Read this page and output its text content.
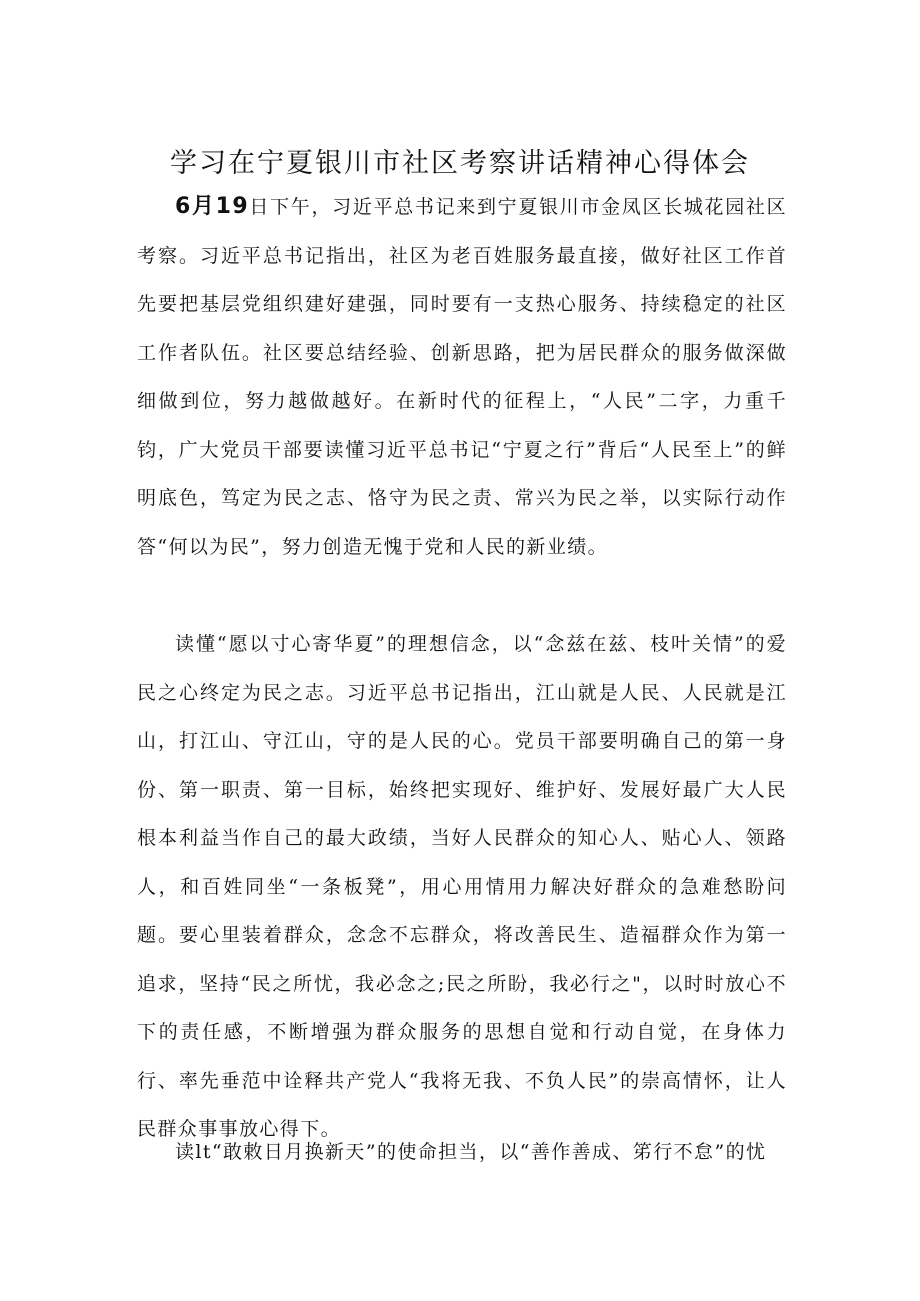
学习在宁夏银川市社区考察讲话精神心得体会

6月19日下午，习近平总书记来到宁夏银川市金凤区长城花园社区考察。习近平总书记指出，社区为老百姓服务最直接，做好社区工作首先要把基层党组织建好建强，同时要有一支热心服务、持续稳定的社区工作者队伍。社区要总结经验、创新思路，把为居民群众的服务做深做细做到位，努力越做越好。在新时代的征程上，“人民”二字，力重千钧，广大党员干部要读懂习近平总书记“宁夏之行”背后“人民至上”的鲜明底色，笃定为民之志、恪守为民之责、常兴为民之举，以实际行动作答“何以为民”，努力创造无愧于党和人民的新业绩。

读懂“愿以寸心寄华夏”的理想信念，以“念兹在兹、枝叶关情”的爱民之心终定为民之志。习近平总书记指出，江山就是人民、人民就是江山，打江山、守江山，守的是人民的心。党员干部要明确自己的第一身份、第一职责、第一目标，始终把实现好、维护好、发展好最广大人民根本利益当作自己的最大政绩，当好人民群众的知心人、贴心人、领路人，和百姓同坐“一条板凳”，用心用情用力解决好群众的急难愁盼问题。要心里装着群众，念念不忘群众，将改善民生、造福群众作为第一追求，坚持“民之所忧，我必念之;民之所盼，我必行之"，以时时放心不下的责任感，不断增强为群众服务的思想自觉和行动自觉，在身体力行、率先垂范中诠释共产党人“我将无我、不负人民”的崇高情怀，让人民群众事事放心得下。

读lt“敢敕日月换新天”的使命担当，以“善作善成、笫行不怠”的忧
